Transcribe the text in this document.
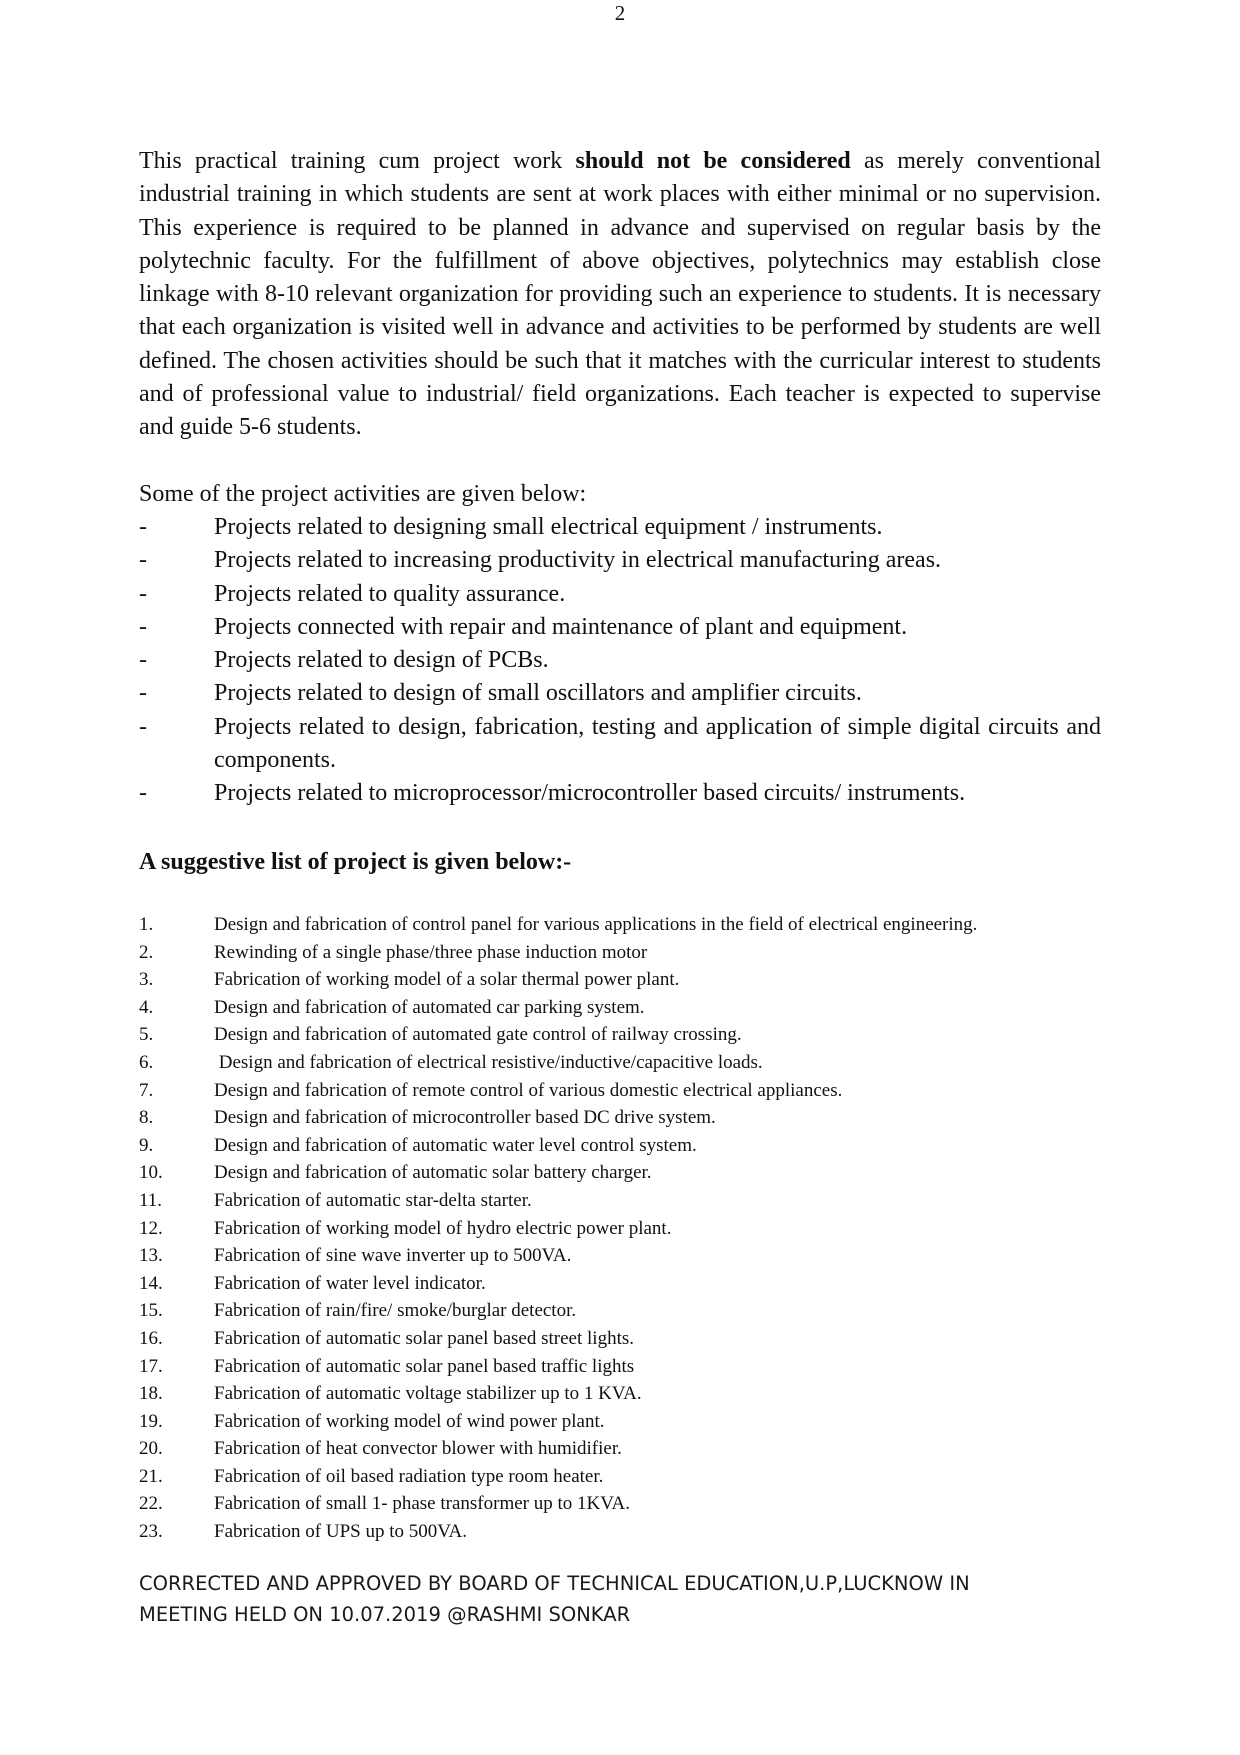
2

This practical training cum project work should not be considered as merely conventional industrial training in which students are sent at work places with either minimal or no supervision. This experience is required to be planned in advance and supervised on regular basis by the polytechnic faculty. For the fulfillment of above objectives, polytechnics may establish close linkage with 8-10 relevant organization for providing such an experience to students. It is necessary that each organization is visited well in advance and activities to be performed by students are well defined. The chosen activities should be such that it matches with the curricular interest to students and of professional value to industrial/ field organizations. Each teacher is expected to supervise and guide 5-6 students.

Some of the project activities are given below:

-	Projects related to designing small electrical equipment / instruments.
-	Projects related to increasing productivity in electrical manufacturing areas.
-	Projects related to quality assurance.
-	Projects connected with repair and maintenance of plant and equipment.
-	Projects related to design of PCBs.
-	Projects related to design of small oscillators and amplifier circuits.
-	Projects related to design, fabrication, testing and application of simple digital circuits and components.
-	Projects related to microprocessor/microcontroller based circuits/ instruments.
A suggestive list of project is given below:-
1.	Design and fabrication of control panel for various applications in the field of electrical engineering.
2.	Rewinding of a single phase/three phase induction motor
3.	Fabrication of working model of a solar thermal power plant.
4.	Design and fabrication of automated car parking system.
5.	Design and fabrication of automated gate control of railway crossing.
6.	Design and fabrication of electrical resistive/inductive/capacitive loads.
7.	Design and fabrication of remote control of various domestic electrical appliances.
8.	Design and fabrication of microcontroller based DC drive system.
9.	Design and fabrication of automatic water level control system.
10.	Design and fabrication of automatic solar battery charger.
11.	Fabrication of automatic star-delta starter.
12.	Fabrication of working model of hydro electric power plant.
13.	Fabrication of sine wave inverter up to 500VA.
14.	Fabrication of water level indicator.
15.	Fabrication of rain/fire/ smoke/burglar detector.
16.	Fabrication of automatic solar panel based street lights.
17.	Fabrication of automatic solar panel based traffic lights
18.	Fabrication of automatic voltage stabilizer up to 1 KVA.
19.	Fabrication of working model of wind power plant.
20.	Fabrication of heat convector blower with humidifier.
21.	Fabrication of oil based radiation type room heater.
22.	Fabrication of small 1- phase transformer up to 1KVA.
23.	Fabrication of UPS up to 500VA.

CORRECTED AND APPROVED BY BOARD OF TECHNICAL EDUCATION,U.P,LUCKNOW IN
MEETING HELD ON 10.07.2019 @RASHMI SONKAR
